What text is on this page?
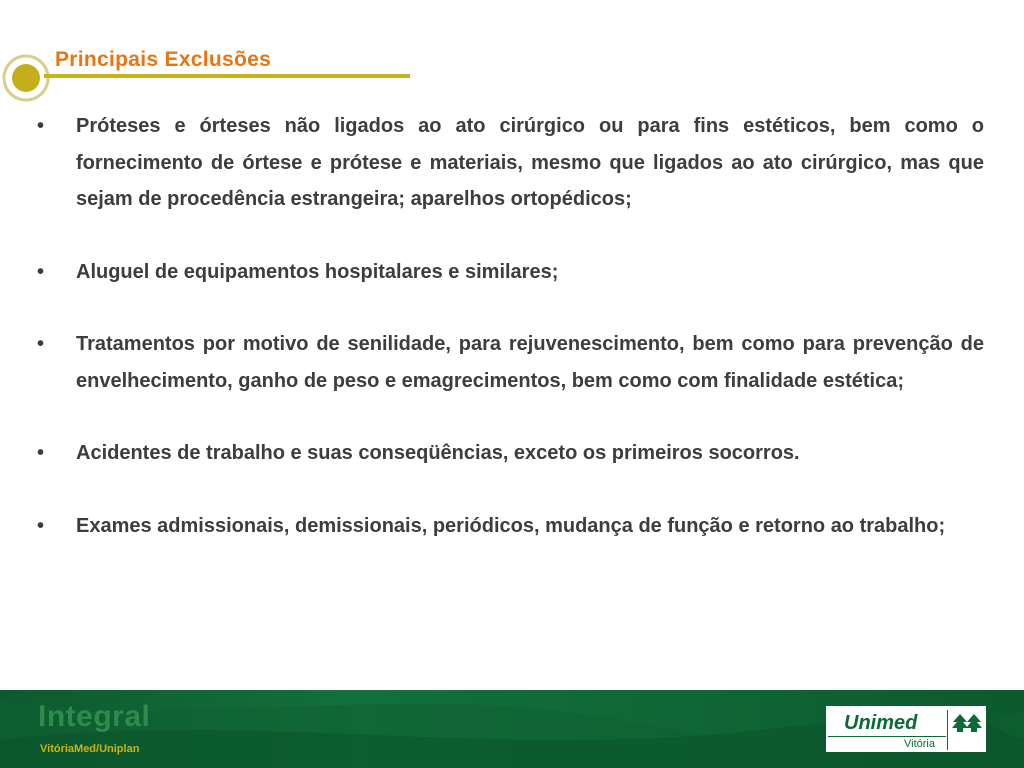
Principais Exclusões
• Próteses e órteses não ligados ao ato cirúrgico ou para fins estéticos, bem como o fornecimento de órtese e prótese e materiais, mesmo que ligados ao ato cirúrgico, mas que sejam de procedência estrangeira; aparelhos ortopédicos;
• Aluguel de equipamentos hospitalares e similares;
• Tratamentos por motivo de senilidade, para rejuvenescimento, bem como para prevenção de envelhecimento, ganho de peso e emagrecimentos, bem como com finalidade estética;
• Acidentes de trabalho e suas conseqüências, exceto os primeiros socorros.
• Exames admissionais, demissionais, periódicos, mudança de função e retorno ao trabalho;
Integral
VitóriaMed/Uniplan
Unimed
Vitória
